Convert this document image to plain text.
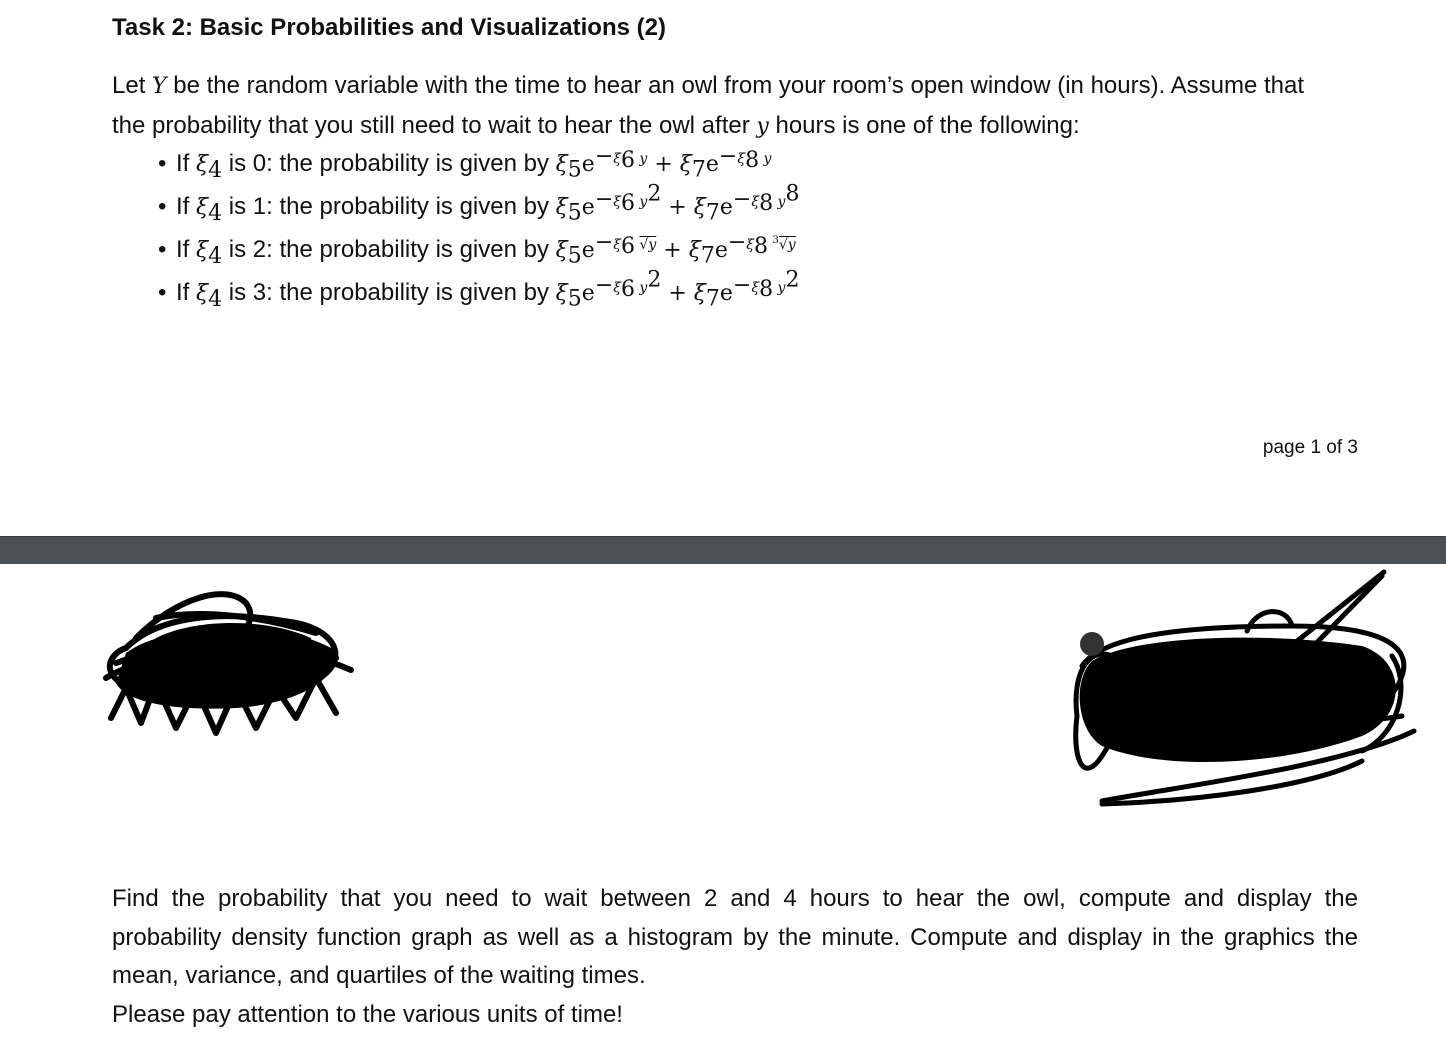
Task 2: Basic Probabilities and Visualizations (2)
Let Y be the random variable with the time to hear an owl from your room’s open window (in hours). Assume that
the probability that you still need to wait to hear the owl after y hours is one of the following:
• If $\xi_4$ is 0: the probability is given by $\xi_5e^{-\xi_6 y} + \xi_7e^{-\xi_8 y}$
• If $\xi_4$ is 1: the probability is given by $\xi_5e^{-\xi_6 y^2} + \xi_7e^{-\xi_8 y^8}$
• If $\xi_4$ is 2: the probability is given by $\xi_5e^{-\xi_6 √y} + \xi_7e^{-\xi_8 ^3√y}$
• If $\xi_4$ is 3: the probability is given by $\xi_5e^{-\xi_6 y^2} + \xi_7e^{-\xi_8 y^2}$
page 1 of 3
Find the probability that you need to wait between 2 and 4 hours to hear the owl, compute and display the
probability density function graph as well as a histogram by the minute. Compute and display in the graphics the
mean, variance, and quartiles of the waiting times.
Please pay attention to the various units of time!
